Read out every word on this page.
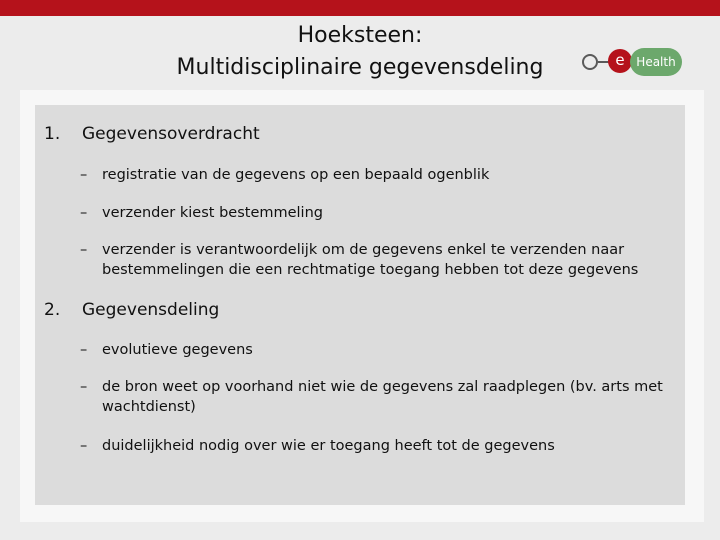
Hoeksteen:
Multidisciplinaire gegevensdeling	e Health
1. Gegevensoverdracht
– registratie van de gegevens op een bepaald ogenblik
– verzender kiest bestemmeling
– verzender is verantwoordelijk om de gegevens enkel te verzenden naar bestemmelingen die een rechtmatige toegang hebben tot deze gegevens
2. Gegevensdeling
– evolutieve gegevens
– de bron weet op voorhand niet wie de gegevens zal raadplegen (bv. arts met wachtdienst)
– duidelijkheid nodig over wie er toegang heeft tot de gegevens
